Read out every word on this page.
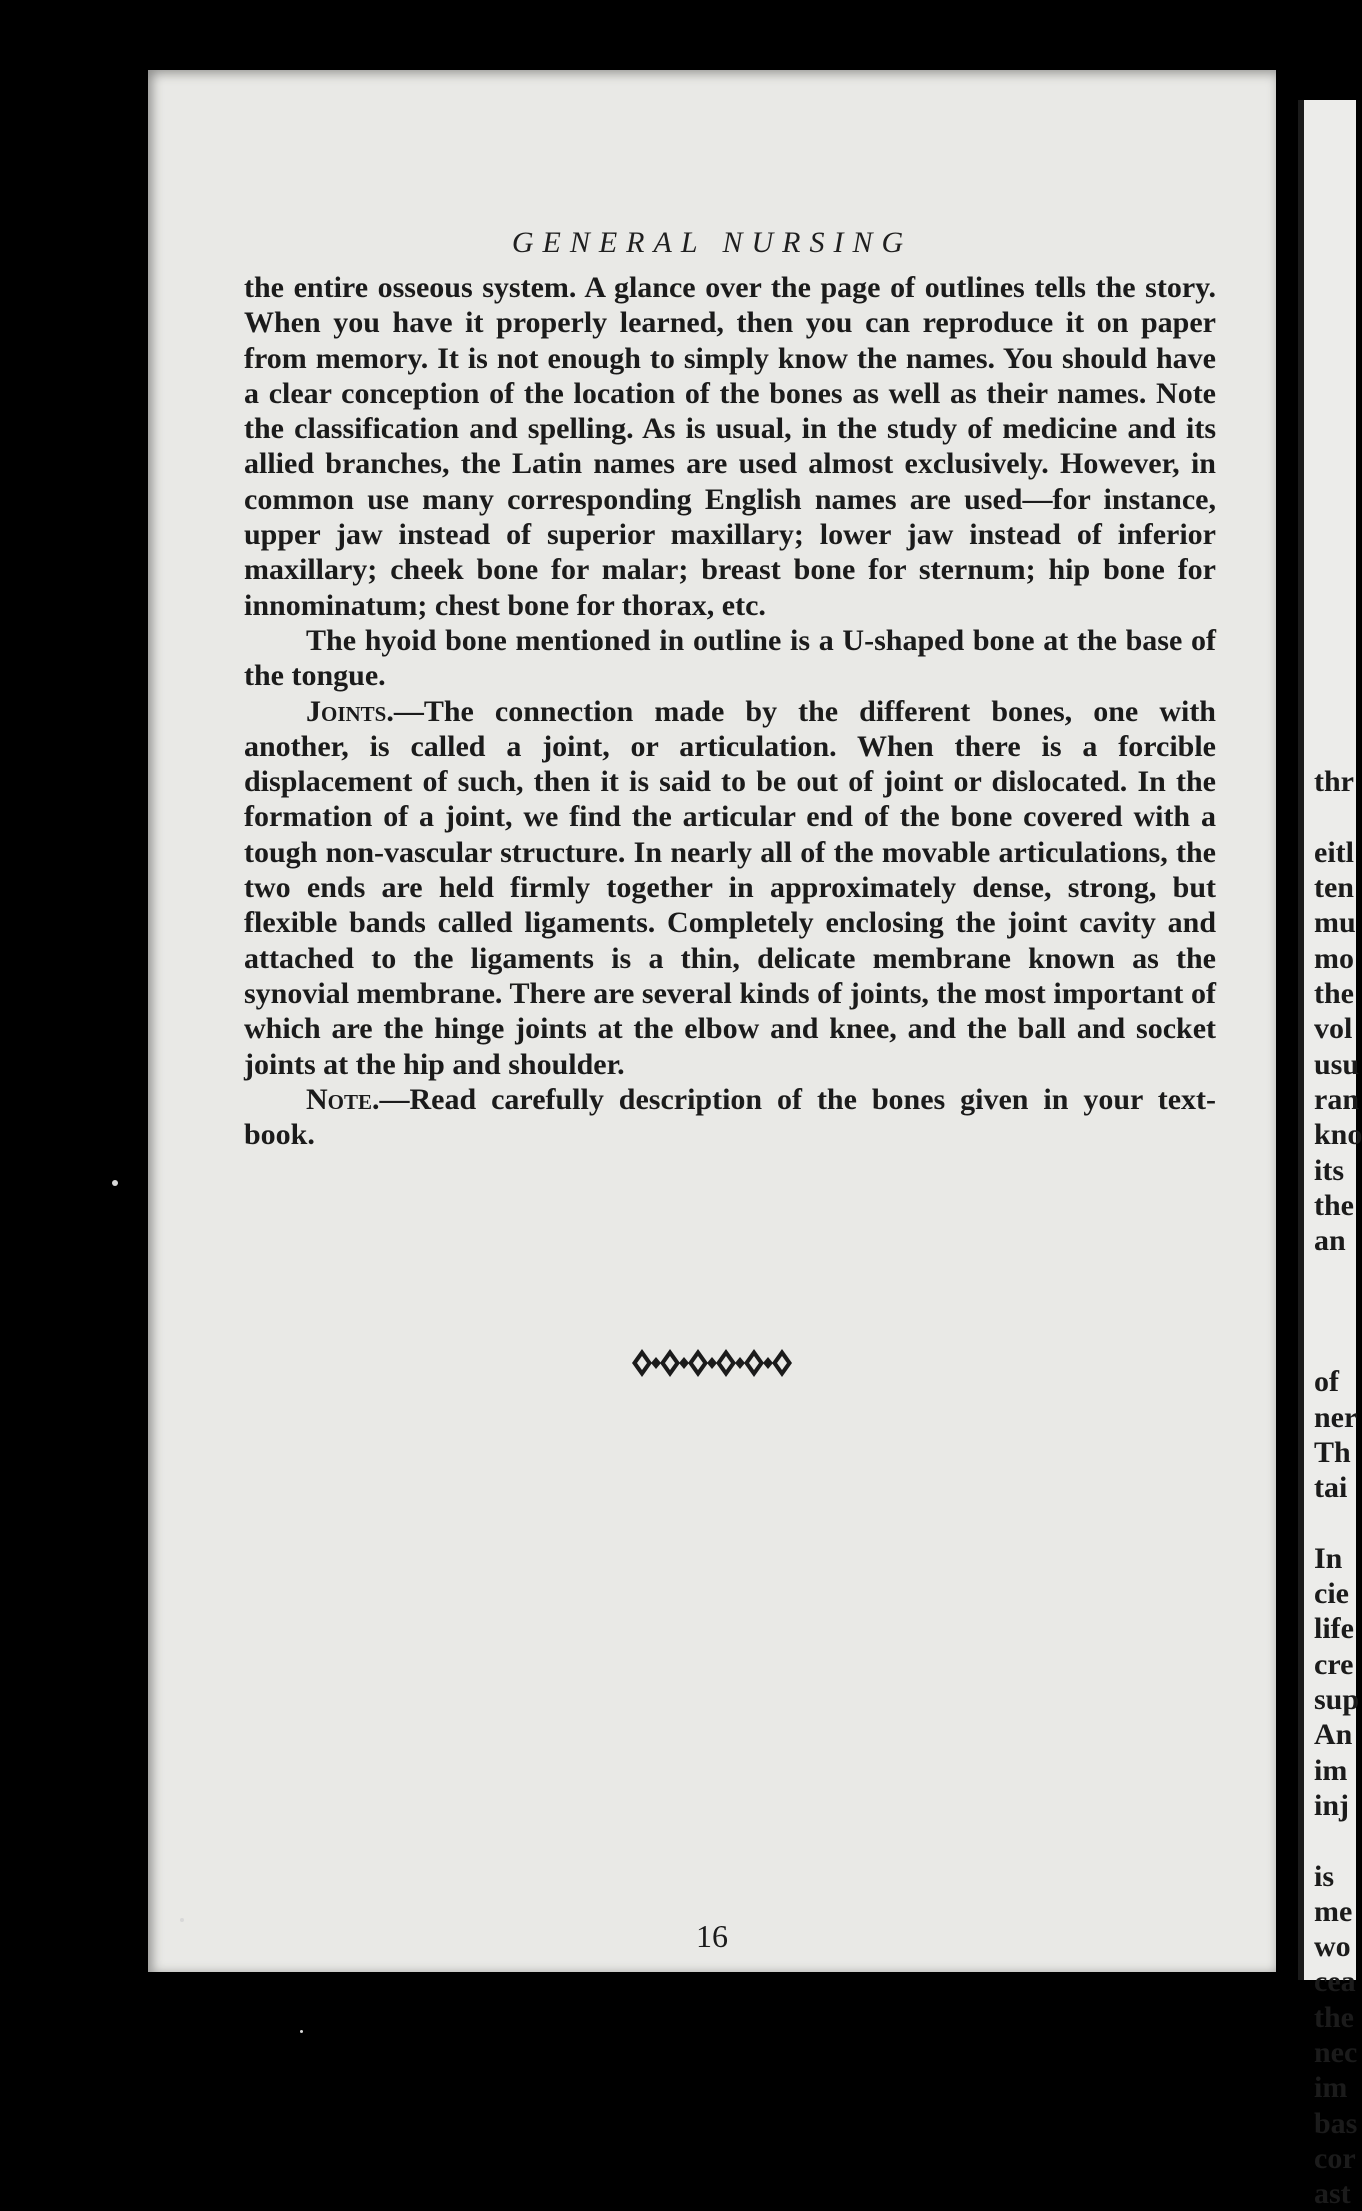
GENERAL NURSING

the entire osseous system. A glance over the page of outlines tells the story. When you have it properly learned, then you can reproduce it on paper from memory. It is not enough to simply know the names. You should have a clear conception of the location of the bones as well as their names. Note the classification and spelling. As is usual, in the study of medicine and its allied branches, the Latin names are used almost exclusively. However, in common use many corresponding English names are used—for instance, upper jaw instead of superior maxillary; lower jaw instead of inferior maxillary; cheek bone for malar; breast bone for sternum; hip bone for innominatum; chest bone for thorax, etc.

The hyoid bone mentioned in outline is a U-shaped bone at the base of the tongue.

Joints.—The connection made by the different bones, one with another, is called a joint, or articulation. When there is a forcible displacement of such, then it is said to be out of joint or dislocated. In the formation of a joint, we find the articular end of the bone covered with a tough non-vascular structure. In nearly all of the movable articulations, the two ends are held firmly together in approximately dense, strong, but flexible bands called ligaments. Completely enclosing the joint cavity and attached to the ligaments is a thin, delicate membrane known as the synovial membrane. There are several kinds of joints, the most important of which are the hinge joints at the elbow and knee, and the ball and socket joints at the hip and shoulder.

Note.—Read carefully description of the bones given in your text-book.

16
thr
eitl
ten
mu
mo
the
vol
usu
ran
kno
its
the
an
of
ner
Th
tai
In
cie
life
cre
sup
An
im
inj
is
me
wo
cea
the
nec
im
bas
cor
ast
